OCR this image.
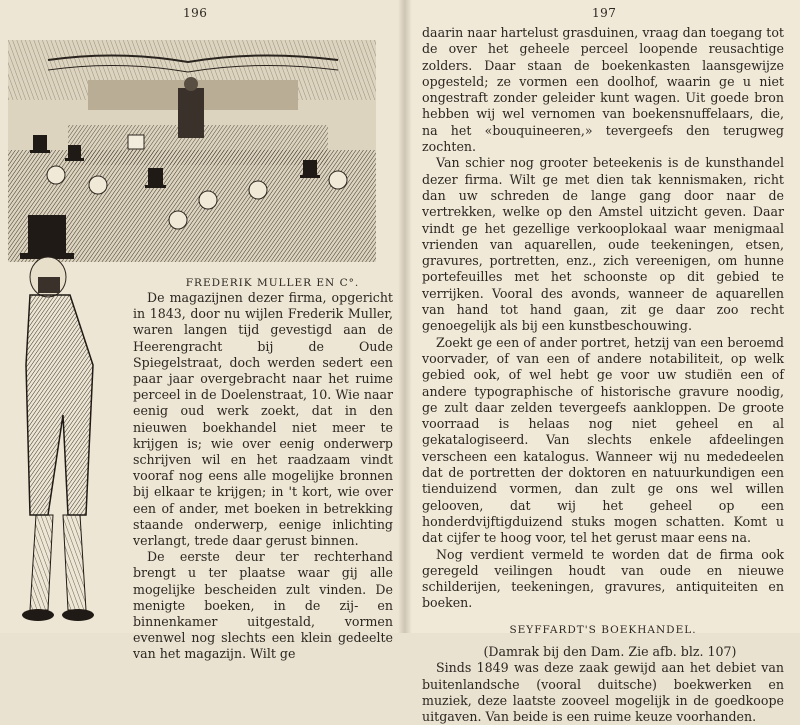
196
FREDERIK MULLER EN C°.

De magazijnen dezer firma, opgericht in 1843, door nu wijlen Frederik Muller, waren langen tijd gevestigd aan de Heerengracht bij de Oude Spiegelstraat, doch werden sedert een paar jaar overgebracht naar het ruime perceel in de Doelenstraat, 10. Wie naar eenig oud werk zoekt, dat in den nieuwen boekhandel niet meer te krijgen is; wie over eenig onderwerp schrijven wil en het raadzaam vindt vooraf nog eens alle mogelijke bronnen bij elkaar te krijgen; in 't kort, wie over een of ander, met boeken in betrekking staande onderwerp, eenige inlichting verlangt, trede daar gerust binnen.

De eerste deur ter rechterhand brengt u ter plaatse waar gij alle mogelijke bescheiden zult vinden. De menigte boeken, in de zij- en binnenkamer uitgestald, vormen evenwel nog slechts een klein gedeelte van het magazijn. Wilt ge

197

daarin naar hartelust grasduinen, vraag dan toegang tot de over het geheele perceel loopende reusachtige zolders. Daar staan de boekenkasten laansgewijze opgesteld; ze vormen een doolhof, waarin ge u niet ongestraft zonder geleider kunt wagen. Uit goede bron hebben wij wel vernomen van boekensnuffelaars, die, na het «bouquineeren,» tevergeefs den terugweg zochten.

Van schier nog grooter beteekenis is de kunsthandel dezer firma. Wilt ge met dien tak kennismaken, richt dan uw schreden de lange gang door naar de vertrekken, welke op den Amstel uitzicht geven. Daar vindt ge het gezellige verkooplokaal waar menigmaal vrienden van aquarellen, oude teekeningen, etsen, gravures, portretten, enz., zich vereenigen, om hunne portefeuilles met het schoonste op dit gebied te verrijken. Vooral des avonds, wanneer de aquarellen van hand tot hand gaan, zit ge daar zoo recht genoegelijk als bij een kunstbeschouwing.

Zoekt ge een of ander portret, hetzij van een beroemd voorvader, of van een of andere notabiliteit, op welk gebied ook, of wel hebt ge voor uw studiën een of andere typographische of historische gravure noodig, ge zult daar zelden tevergeefs aankloppen. De groote voorraad is helaas nog niet geheel en al gekatalogiseerd. Van slechts enkele afdeelingen verscheen een katalogus. Wanneer wij nu mededeelen dat de portretten der doktoren en natuurkundigen een tienduizend vormen, dan zult ge ons wel willen gelooven, dat wij het geheel op een honderdvijftigduizend stuks mogen schatten. Komt u dat cijfer te hoog voor, tel het gerust maar eens na.

Nog verdient vermeld te worden dat de firma ook geregeld veilingen houdt van oude en nieuwe schilderijen, teekeningen, gravures, antiquiteiten en boeken.

SEYFFARDT'S BOEKHANDEL.

(Damrak bij den Dam. Zie afb. blz. 107)

Sinds 1849 was deze zaak gewijd aan het debiet van buitenlandsche (vooral duitsche) boekwerken en muziek, deze laatste zooveel mogelijk in de goedkoope uitgaven. Van beide is een ruime keuze voorhanden.
